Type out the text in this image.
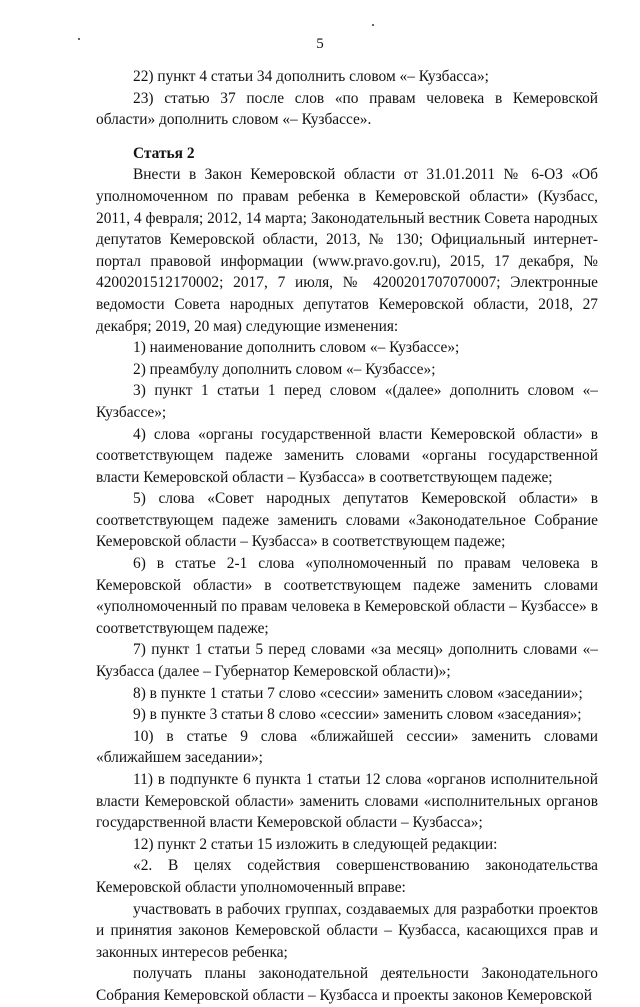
5

22) пункт 4 статьи 34 дополнить словом «– Кузбасса»;

23) статью 37 после слов «по правам человека в Кемеровской области» дополнить словом «– Кузбассе».

Статья 2

Внести в Закон Кемеровской области от 31.01.2011 № 6-ОЗ «Об уполномоченном по правам ребенка в Кемеровской области» (Кузбасс, 2011, 4 февраля; 2012, 14 марта; Законодательный вестник Совета народных депутатов Кемеровской области, 2013, № 130; Официальный интернет-портал правовой информации (www.pravo.gov.ru), 2015, 17 декабря, № 4200201512170002; 2017, 7 июля, № 4200201707070007; Электронные ведомости Совета народных депутатов Кемеровской области, 2018, 27 декабря; 2019, 20 мая) следующие изменения:

1) наименование дополнить словом «– Кузбассе»;

2) преамбулу дополнить словом «– Кузбассе»;

3) пункт 1 статьи 1 перед словом «(далее» дополнить словом «– Кузбассе»;

4) слова «органы государственной власти Кемеровской области» в соответствующем падеже заменить словами «органы государственной власти Кемеровской области – Кузбасса» в соответствующем падеже;

5) слова «Совет народных депутатов Кемеровской области» в соответствующем падеже заменить словами «Законодательное Собрание Кемеровской области – Кузбасса» в соответствующем падеже;

6) в статье 2-1 слова «уполномоченный по правам человека в Кемеровской области» в соответствующем падеже заменить словами «уполномоченный по правам человека в Кемеровской области – Кузбассе» в соответствующем падеже;

7) пункт 1 статьи 5 перед словами «за месяц» дополнить словами «– Кузбасса (далее – Губернатор Кемеровской области)»;

8) в пункте 1 статьи 7 слово «сессии» заменить словом «заседании»;

9) в пункте 3 статьи 8 слово «сессии» заменить словом «заседания»;

10) в статье 9 слова «ближайшей сессии» заменить словами «ближайшем заседании»;

11) в подпункте 6 пункта 1 статьи 12 слова «органов исполнительной власти Кемеровской области» заменить словами «исполнительных органов государственной власти Кемеровской области – Кузбасса»;

12) пункт 2 статьи 15 изложить в следующей редакции:

«2. В целях содействия совершенствованию законодательства Кемеровской области уполномоченный вправе:

участвовать в рабочих группах, создаваемых для разработки проектов и принятия законов Кемеровской области – Кузбасса, касающихся прав и законных интересов ребенка;

получать планы законодательной деятельности Законодательного Собрания Кемеровской области – Кузбасса и проекты законов Кемеровской
